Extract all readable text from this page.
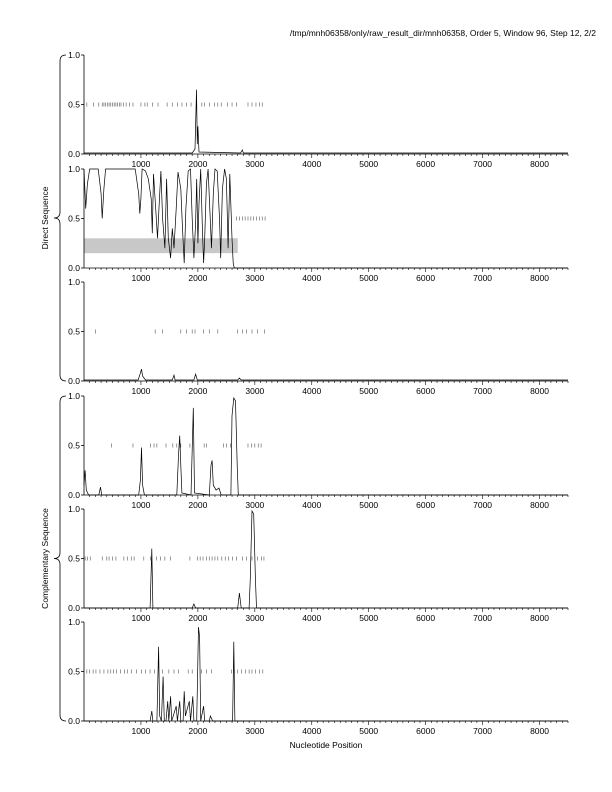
/tmp/mnh06358/only/raw_result_dir/mnh06358, Order 5, Window 96, Step 12, 2/2
0.0
0.5
1.0
1000	2000	3000	4000	5000	6000	7000	8000
0.0
0.5
1.0
1000	2000	3000	4000	5000	6000	7000	8000
0.0
0.5
1.0
1000	2000	3000	4000	5000	6000	7000	8000
0.0
0.5
1.0
1000	2000	3000	4000	5000	6000	7000	8000
0.0
0.5
1.0
1000	2000	3000	4000	5000	6000	7000	8000
0.0
0.5
1.0
1000	2000	3000	4000	5000	6000	7000	8000
Direct Sequence
Complementary Sequence
Nucleotide Position
